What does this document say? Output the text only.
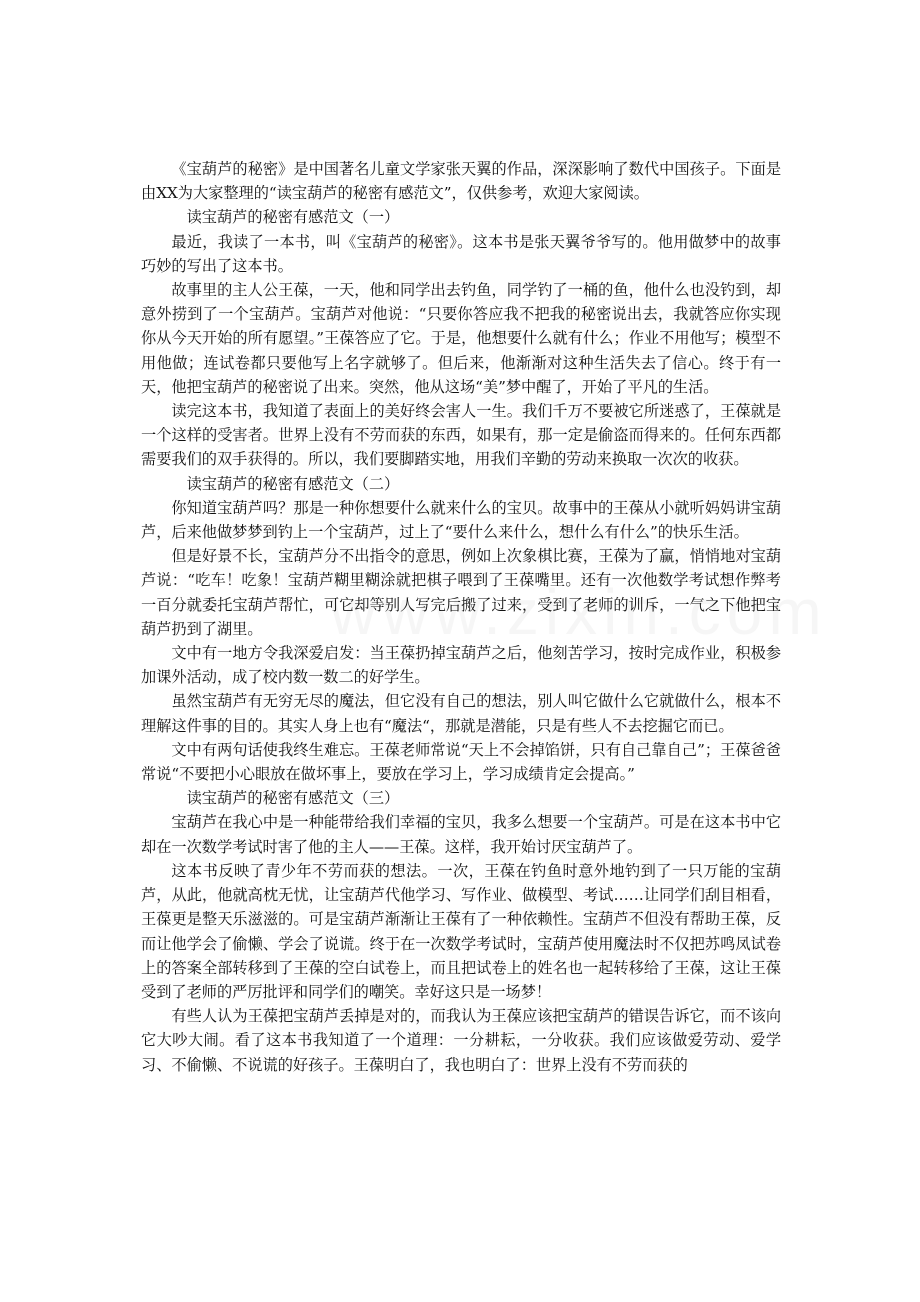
《宝葫芦的秘密》是中国著名儿童文学家张天翼的作品，深深影响了数代中国孩子。下面是由XX为大家整理的“读宝葫芦的秘密有感范文”，仅供参考，欢迎大家阅读。

读宝葫芦的秘密有感范文（一）

最近，我读了一本书，叫《宝葫芦的秘密》。这本书是张天翼爷爷写的。他用做梦中的故事巧妙的写出了这本书。

故事里的主人公王葆，一天，他和同学出去钓鱼，同学钓了一桶的鱼，他什么也没钓到，却意外捞到了一个宝葫芦。宝葫芦对他说：“只要你答应我不把我的秘密说出去，我就答应你实现你从今天开始的所有愿望。”王葆答应了它。于是，他想要什么就有什么；作业不用他写；模型不用他做；连试卷都只要他写上名字就够了。但后来，他渐渐对这种生活失去了信心。终于有一天，他把宝葫芦的秘密说了出来。突然，他从这场“美”梦中醒了，开始了平凡的生活。

读完这本书，我知道了表面上的美好终会害人一生。我们千万不要被它所迷惑了，王葆就是一个这样的受害者。世界上没有不劳而获的东西，如果有，那一定是偷盗而得来的。任何东西都需要我们的双手获得的。所以，我们要脚踏实地，用我们辛勤的劳动来换取一次次的收获。

读宝葫芦的秘密有感范文（二）

你知道宝葫芦吗？那是一种你想要什么就来什么的宝贝。故事中的王葆从小就听妈妈讲宝葫芦，后来他做梦梦到钓上一个宝葫芦，过上了“要什么来什么，想什么有什么”的快乐生活。

但是好景不长，宝葫芦分不出指令的意思，例如上次象棋比赛，王葆为了赢，悄悄地对宝葫芦说：“吃车！吃象！宝葫芦糊里糊涂就把棋子喂到了王葆嘴里。还有一次他数学考试想作弊考一百分就委托宝葫芦帮忙，可它却等别人写完后搬了过来，受到了老师的训斥，一气之下他把宝葫芦扔到了湖里。

文中有一地方令我深爱启发：当王葆扔掉宝葫芦之后，他刻苦学习，按时完成作业，积极参加课外活动，成了校内数一数二的好学生。

虽然宝葫芦有无穷无尽的魔法，但它没有自己的想法，别人叫它做什么它就做什么，根本不理解这件事的目的。其实人身上也有“魔法“，那就是潜能，只是有些人不去挖掘它而已。

文中有两句话使我终生难忘。王葆老师常说“天上不会掉馅饼，只有自己靠自己”；王葆爸爸常说“不要把小心眼放在做坏事上，要放在学习上，学习成绩肯定会提高。”

读宝葫芦的秘密有感范文（三）

宝葫芦在我心中是一种能带给我们幸福的宝贝，我多么想要一个宝葫芦。可是在这本书中它却在一次数学考试时害了他的主人——王葆。这样，我开始讨厌宝葫芦了。

这本书反映了青少年不劳而获的想法。一次，王葆在钓鱼时意外地钓到了一只万能的宝葫芦，从此，他就高枕无忧，让宝葫芦代他学习、写作业、做模型、考试……让同学们刮目相看，王葆更是整天乐滋滋的。可是宝葫芦渐渐让王葆有了一种依赖性。宝葫芦不但没有帮助王葆，反而让他学会了偷懒、学会了说谎。终于在一次数学考试时，宝葫芦使用魔法时不仅把苏鸣凤试卷上的答案全部转移到了王葆的空白试卷上，而且把试卷上的姓名也一起转移给了王葆，这让王葆受到了老师的严厉批评和同学们的嘲笑。幸好这只是一场梦！

有些人认为王葆把宝葫芦丢掉是对的，而我认为王葆应该把宝葫芦的错误告诉它，而不该向它大吵大闹。看了这本书我知道了一个道理：一分耕耘，一分收获。我们应该做爱劳动、爱学习、不偷懒、不说谎的好孩子。王葆明白了，我也明白了：世界上没有不劳而获的
